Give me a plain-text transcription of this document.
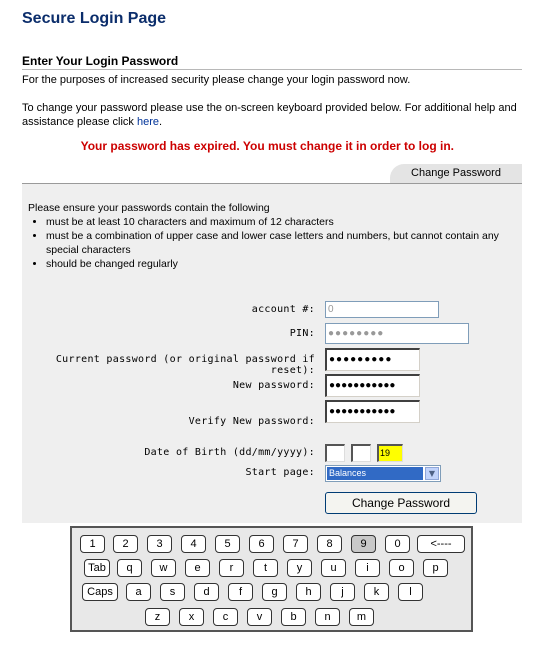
Secure Login Page
Enter Your Login Password
For the purposes of increased security please change your login password now.
To change your password please use the on-screen keyboard provided below. For additional help and assistance please click here.
Your password has expired. You must change it in order to log in.
Change Password
Please ensure your passwords contain the following
• must be at least 10 characters and maximum of 12 characters
• must be a combination of upper case and lower case letters and numbers, but cannot contain any special characters
• should be changed regularly
account #:	0
PIN:	●●●●●●●●
Current password (or original password if reset):
●●●●●●●●●
New password:	●●●●●●●●●●●
Verify New password:
●●●●●●●●●●●
Date of Birth (dd/mm/yyyy):	19
Start page: Balances	▼
Change Password
1	2	3	4	5	6	7	8	9	0	<----
Tab	q	w	e	r	t	y	u	i	o	p
Caps	a	s	d	f	g	h	j	k	l
z	x	c	v	b	n	m
